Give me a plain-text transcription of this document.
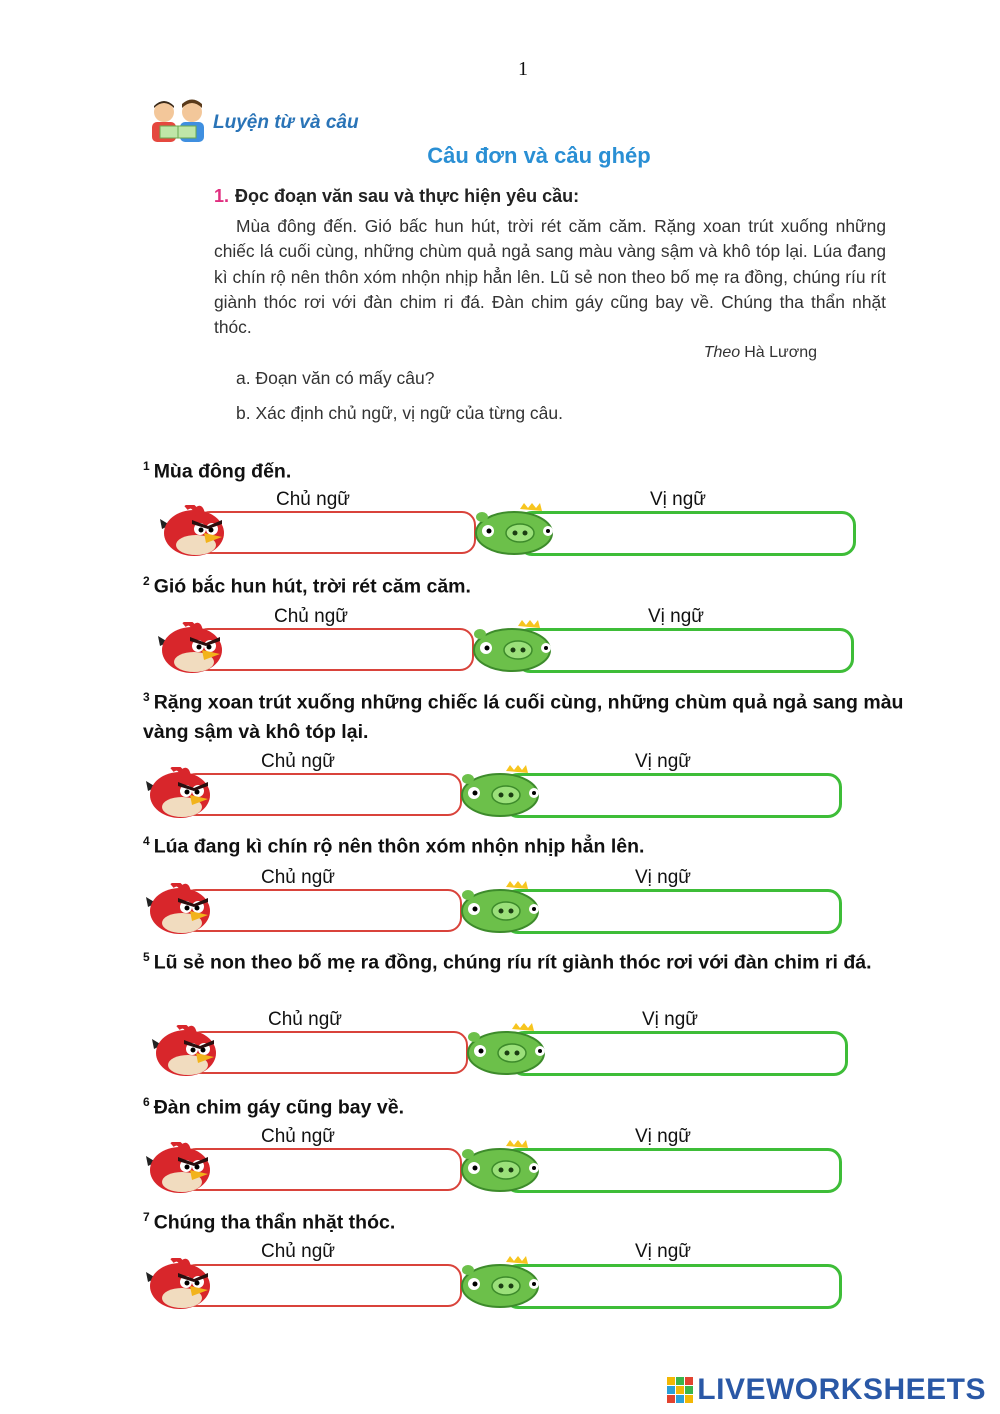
1
Luyện từ và câu
Câu đơn và câu ghép
1. Đọc đoạn văn sau và thực hiện yêu cầu:

Mùa đông đến. Gió bấc hun hút, trời rét căm căm. Rặng xoan trút xuống những chiếc lá cuối cùng, những chùm quả ngả sang màu vàng sậm và khô tóp lại. Lúa đang kì chín rộ nên thôn xóm nhộn nhịp hẳn lên. Lũ sẻ non theo bố mẹ ra đồng, chúng ríu rít giành thóc rơi với đàn chim ri đá. Đàn chim gáy cũng bay về. Chúng tha thẩn nhặt thóc.

Theo Hà Lương
a. Đoạn văn có mấy câu?
b. Xác định chủ ngữ, vị ngữ của từng câu.
$^1$ Mùa đông đến.
Chủ ngữ	Vị ngữ
$^2$ Gió bắc hun hút, trời rét căm căm.
Chủ ngữ	Vị ngữ
$^3$ Rặng xoan trút xuống những chiếc lá cuối cùng, những chùm quả ngả sang màu vàng sậm và khô tóp lại.
Chủ ngữ	Vị ngữ
$^4$ Lúa đang kì chín rộ nên thôn xóm nhộn nhịp hẳn lên.
Chủ ngữ	Vị ngữ
$^5$ Lũ sẻ non theo bố mẹ ra đồng, chúng ríu rít giành thóc rơi với đàn chim ri đá.
Chủ ngữ	Vị ngữ
$^6$ Đàn chim gáy cũng bay về.
Chủ ngữ	Vị ngữ
$^7$ Chúng tha thẩn nhặt thóc.
Chủ ngữ	Vị ngữ
LIVEWORKSHEETS
